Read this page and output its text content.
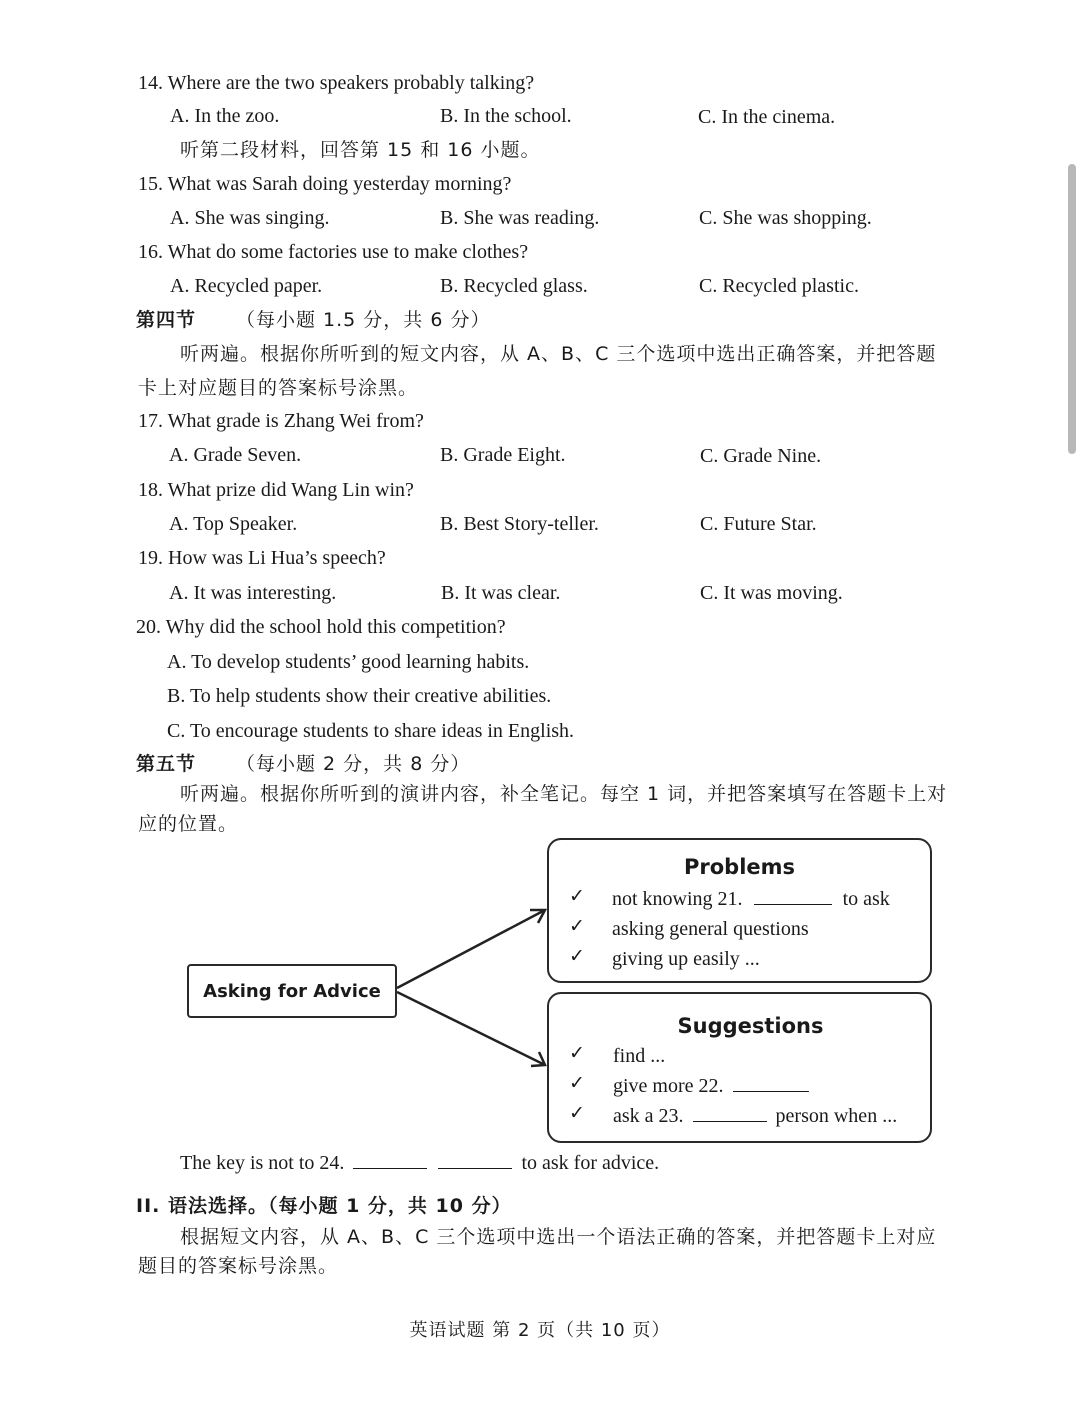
14. Where are the two speakers probably talking?
A. In the zoo.	B. In the school.	C. In the cinema.
听第二段材料，回答第 15 和 16 小题。
15. What was Sarah doing yesterday morning?
A. She was singing.	B. She was reading.	C. She was shopping.
16. What do some factories use to make clothes?
A. Recycled paper.	B. Recycled glass.	C. Recycled plastic.
第四节 （每小题 1.5 分，共 6 分）
听两遍。根据你所听到的短文内容，从 A、B、C 三个选项中选出正确答案，并把答题
卡上对应题目的答案标号涂黑。
17. What grade is Zhang Wei from?
A. Grade Seven.	B. Grade Eight.	C. Grade Nine.
18. What prize did Wang Lin win?
A. Top Speaker.	B. Best Story-teller.	C. Future Star.
19. How was Li Hua’s speech?
A. It was interesting.	B. It was clear.	C. It was moving.
20. Why did the school hold this competition?
A. To develop students’ good learning habits.
B. To help students show their creative abilities.
C. To encourage students to share ideas in English.
第五节 （每小题 2 分，共 8 分）
听两遍。根据你所听到的演讲内容，补全笔记。每空 1 词，并把答案填写在答题卡上对
应的位置。
Asking for Advice
Problems
✓ not knowing 21.	to ask
✓ asking general questions
✓ giving up easily ...
Suggestions
✓ find ...
✓ give more 22.
✓ ask a 23.	person when ...
The key is not to 24.	to ask for advice.
II. 语法选择。（每小题 1 分，共 10 分）
根据短文内容，从 A、B、C 三个选项中选出一个语法正确的答案，并把答题卡上对应
题目的答案标号涂黑。
英语试题 第 2 页（共 10 页）
